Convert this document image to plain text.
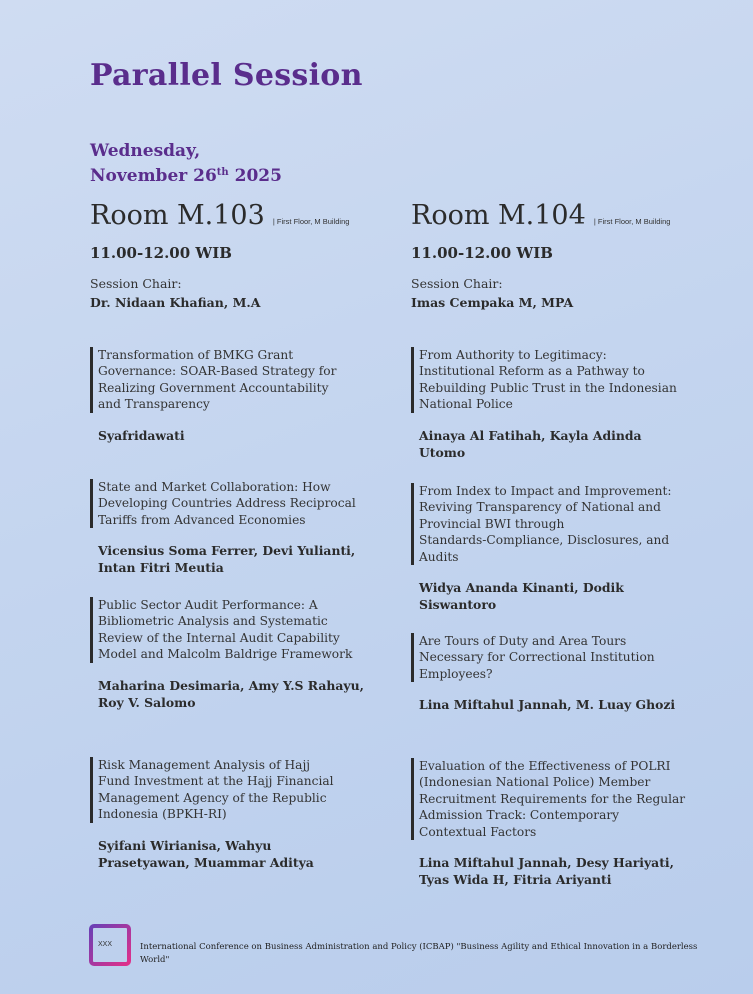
Parallel Session
Wednesday,
November 26th 2025
Room M.103 | First Floor, M Building
11.00-12.00 WIB
Session Chair:
Dr. Nidaan Khafian, M.A
Transformation of BMKG Grant
Governance: SOAR-Based Strategy for
Realizing Government Accountability
and Transparency
Syafridawati
State and Market Collaboration: How
Developing Countries Address Reciprocal
Tariffs from Advanced Economies
Vicensius Soma Ferrer, Devi Yulianti,
Intan Fitri Meutia
Public Sector Audit Performance: A
Bibliometric Analysis and Systematic
Review of the Internal Audit Capability
Model and Malcolm Baldrige Framework
Maharina Desimaria, Amy Y.S Rahayu,
Roy V. Salomo
Risk Management Analysis of Hajj
Fund Investment at the Hajj Financial
Management Agency of the Republic
Indonesia (BPKH-RI)
Syifani Wirianisa, Wahyu
Prasetyawan, Muammar Aditya
Room M.104 | First Floor, M Building
11.00-12.00 WIB
Session Chair:
Imas Cempaka M, MPA
From Authority to Legitimacy:
Institutional Reform as a Pathway to
Rebuilding Public Trust in the Indonesian
National Police
Ainaya Al Fatihah, Kayla Adinda
Utomo
From Index to Impact and Improvement:
Reviving Transparency of National and
Provincial BWI through
Standards-Compliance, Disclosures, and
Audits
Widya Ananda Kinanti, Dodik
Siswantoro
Are Tours of Duty and Area Tours
Necessary for Correctional Institution
Employees?
Lina Miftahul Jannah, M. Luay Ghozi
Evaluation of the Effectiveness of POLRI
(Indonesian National Police) Member
Recruitment Requirements for the Regular
Admission Track: Contemporary
Contextual Factors
Lina Miftahul Jannah, Desy Hariyati,
Tyas Wida H, Fitria Ariyanti
XXX	International Conference on Business Administration and Policy (ICBAP) "Business Agility and Ethical Innovation in a Borderless World"
